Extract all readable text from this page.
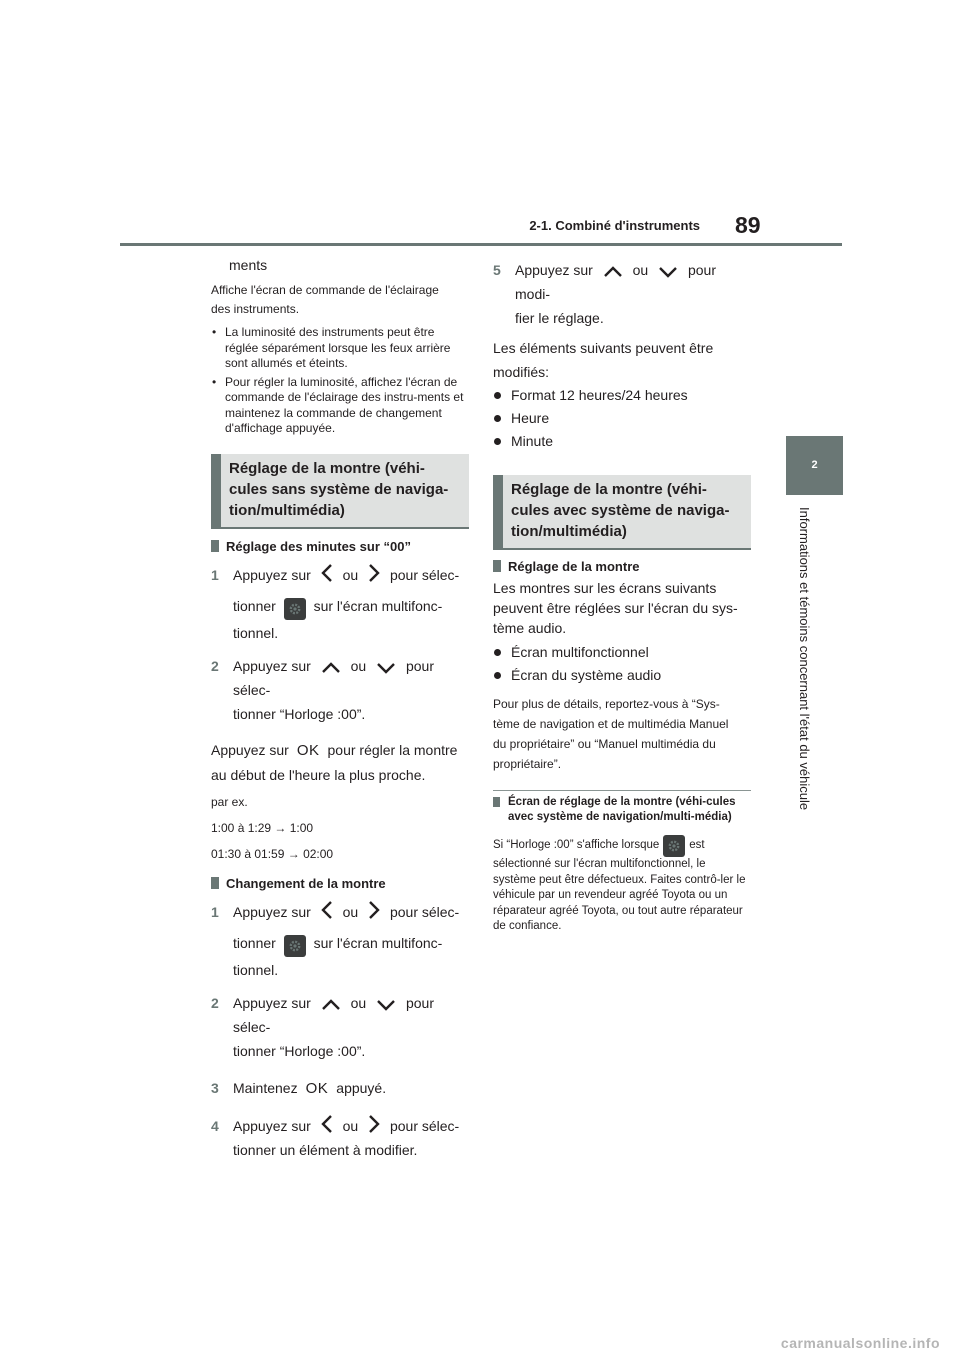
2-1. Combiné d'instruments 89
2
Informations et témoins concernant l'état du véhicule
ments
Affiche l'écran de commande de l'éclairage
des instruments.
• La luminosité des instruments peut être réglée séparément lorsque les feux arrière sont allumés et éteints.
• Pour régler la luminosité, affichez l'écran de commande de l'éclairage des instru-ments et maintenez la commande de changement d'affichage appuyée.
Réglage de la montre (véhi-cules sans système de naviga-tion/multimédia)
Réglage des minutes sur “00”
1 Appuyez sur ou pour sélec-
tionner	sur l'écran multifonc-
tionnel.
2 Appuyez sur	ou	pour sélec-
tionner “Horloge :00”.
Appuyez sur OK pour régler la montre
au début de l'heure la plus proche.
par ex.
1:00 à 1:29 → 1:00
01:30 à 01:59 → 02:00
Changement de la montre
1 Appuyez sur ou pour sélec-
tionner	sur l'écran multifonc-
tionnel.
2 Appuyez sur	ou	pour sélec-
tionner “Horloge :00”.
3 Maintenez OK appuyé.
4 Appuyez sur ou pour sélec-
tionner un élément à modifier.
5 Appuyez sur	ou	pour modi-
fier le réglage.
Les éléments suivants peuvent être
modifiés:
Format 12 heures/24 heures
Heure
Minute
Réglage de la montre (véhi-cules avec système de naviga-tion/multimédia)
Réglage de la montre
Les montres sur les écrans suivants
peuvent être réglées sur l'écran du sys-
tème audio.
Écran multifonctionnel
Écran du système audio
Pour plus de détails, reportez-vous à “Sys-
tème de navigation et de multimédia Manuel
du propriétaire” ou “Manuel multimédia du
propriétaire”.
Écran de réglage de la montre (véhi-cules avec système de navigation/multi-média)
Si “Horloge :00” s'affiche lorsque	est
sélectionné sur l'écran multifonctionnel, le système peut être défectueux. Faites contrô-ler le véhicule par un revendeur agréé Toyota ou un réparateur agréé Toyota, ou tout autre réparateur de confiance.
carmanualsonline.info
